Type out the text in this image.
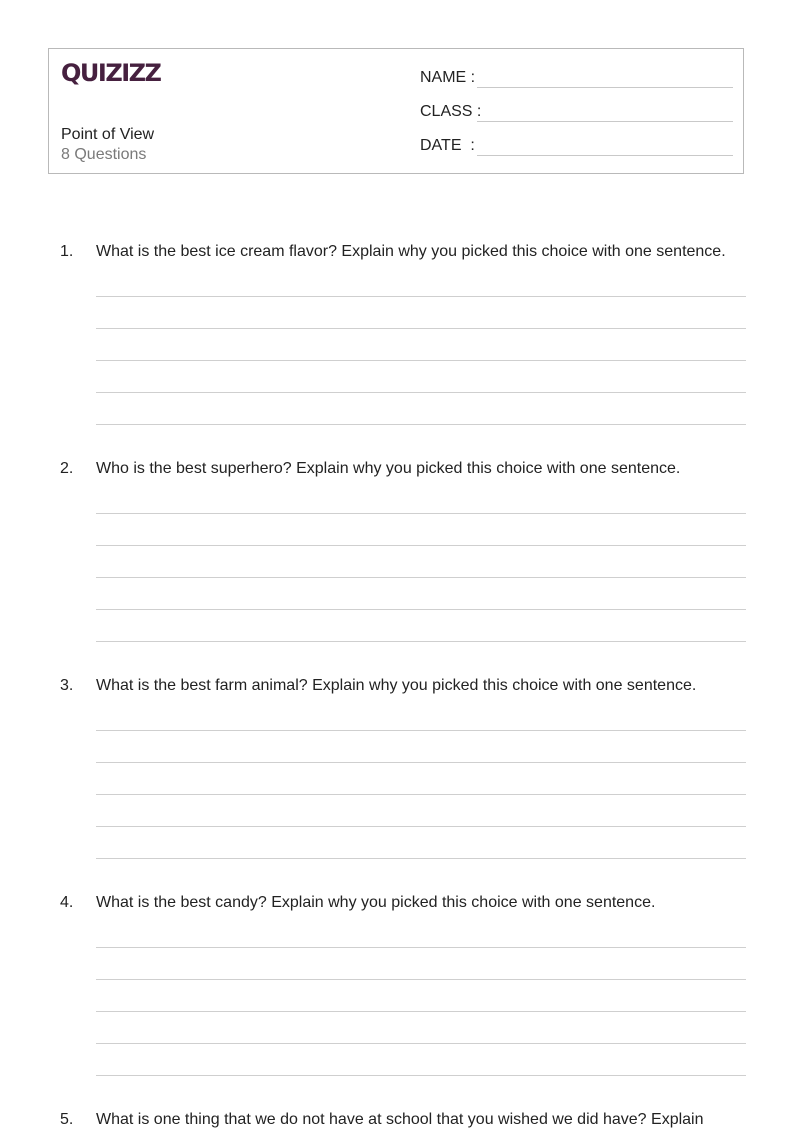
QUIZIZZ
Point of View
8 Questions
NAME :
CLASS :
DATE  :
1. What is the best ice cream flavor? Explain why you picked this choice with one sentence.
2. Who is the best superhero? Explain why you picked this choice with one sentence.
3. What is the best farm animal? Explain why you picked this choice with one sentence.
4. What is the best candy? Explain why you picked this choice with one sentence.
5. What is one thing that we do not have at school that you wished we did have? Explain
